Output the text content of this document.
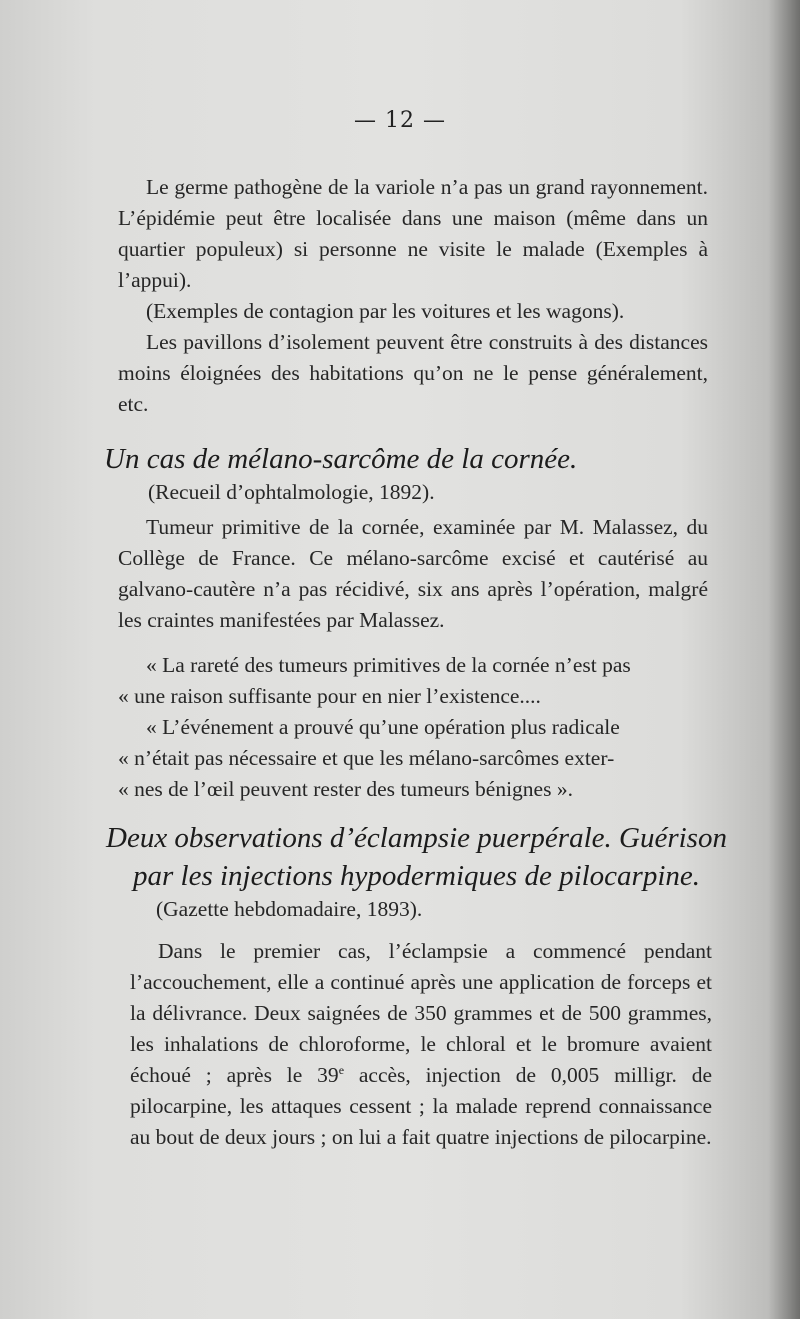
— 12 —

Le germe pathogène de la variole n’a pas un grand rayonnement. L’épidémie peut être localisée dans une maison (même dans un quartier populeux) si personne ne visite le malade (Exemples à l’appui).

(Exemples de contagion par les voitures et les wagons).

Les pavillons d’isolement peuvent être construits à des distances moins éloignées des habitations qu’on ne le pense généralement, etc.

Un cas de mélano-sarcôme de la cornée.
(Recueil d’ophtalmologie, 1892).

Tumeur primitive de la cornée, examinée par M. Malassez, du Collège de France. Ce mélano-sarcôme excisé et cautérisé au galvano-cautère n’a pas récidivé, six ans après l’opération, malgré les craintes manifestées par Malassez.

« La rareté des tumeurs primitives de la cornée n’est pas

« une raison suffisante pour en nier l’existence....

« L’événement a prouvé qu’une opération plus radicale

« n’était pas nécessaire et que les mélano-sarcômes exter-

« nes de l’œil peuvent rester des tumeurs bénignes ».

Deux observations d’éclampsie puerpérale. Guérison
par les injections hypodermiques de pilocarpine.
(Gazette hebdomadaire, 1893).

Dans le premier cas, l’éclampsie a commencé pendant l’accouchement, elle a continué après une application de forceps et la délivrance. Deux saignées de 350 grammes et de 500 grammes, les inhalations de chloroforme, le chloral et le bromure avaient échoué ; après le 39e accès, injection de 0,005 milligr. de pilocarpine, les attaques cessent ; la malade reprend connaissance au bout de deux jours ; on lui a fait quatre injections de pilocarpine.
